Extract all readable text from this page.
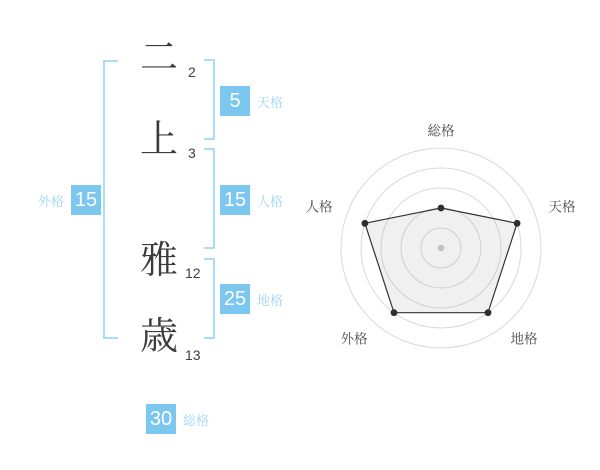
二
上
雅
歳
2
3
12
13
5	天格
15 人格
25 地格
外格 15
30 総格
総格
天格
地格
外格
人格
